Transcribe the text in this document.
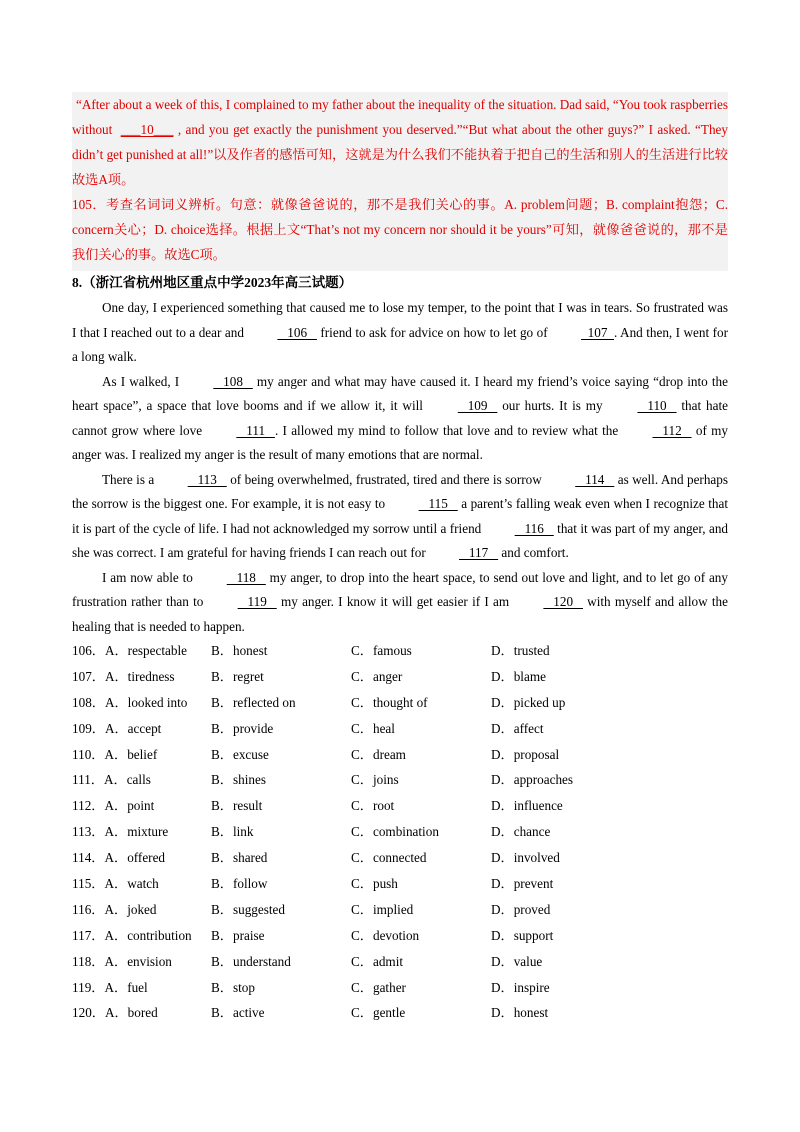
“After about a week of this, I complained to my father about the inequality of the situation. Dad said, “You took raspberries without ___10___ , and you get exactly the punishment you deserved.”“But what about the other guys?” I asked. “They didn’t get punished at all!”以及作者的感悟可知，这就是为什么我们不能执着于把自己的生活和别人的生活进行比较故选A项。

105．考查名词词义辨析。句意：就像爸爸说的，那不是我们关心的事。A. problem问题；B. complaint抱怨；C. concern关心；D. choice选择。根据上文“That’s not my concern nor should it be yours”可知，就像爸爸说的，那不是我们关心的事。故选C项。

8.（浙江省杭州地区重点中学2023年高三试题）

One day, I experienced something that caused me to lose my temper, to the point that I was in tears. So frustrated was I that I reached out to a dear and    106    friend to ask for advice on how to let go of   107  . And then, I went for a long walk.

As I walked, I    108    my anger and what may have caused it. I heard my friend’s voice saying “drop into the heart space”, a space that love booms and if we allow it, it will    109    our hurts. It is my    110    that hate cannot grow where love    111   . I allowed my mind to follow that love and to review what the    112    of my anger was. I realized my anger is the result of many emotions that are normal.

There is a    113    of being overwhelmed, frustrated, tired and there is sorrow    114    as well. And perhaps the sorrow is the biggest one. For example, it is not easy to    115    a parent’s falling weak even when I recognize that it is part of the cycle of life. I had not acknowledged my sorrow until a friend    116    that it was part of my anger, and she was correct. I am grateful for having friends I can reach out for    117    and comfort.

I am now able to    118    my anger, to drop into the heart space, to send out love and light, and to let go of any frustration rather than to    119    my anger. I know it will get easier if I am    120    with myself and allow the healing that is needed to happen.

106．A．respectable B．honest	C．famous	D．trusted
107．A．tiredness	B．regret	C．anger	D．blame
108．A．looked into B．reflected on	C．thought of	D．picked up
109．A．accept	B．provide	C．heal	D．affect
110．A．belief	B．excuse	C．dream	D．proposal
111．A．calls	B．shines	C．joins	D．approaches
112．A．point	B．result	C．root	D．influence
113．A．mixture	B．link	C．combination	D．chance
114．A．offered	B．shared	C．connected	D．involved
115．A．watch	B．follow	C．push	D．prevent
116．A．joked	B．suggested	C．implied	D．proved
117．A．contribution B．praise	C．devotion	D．support
118．A．envision	B．understand	C．admit	D．value
119．A．fuel	B．stop	C．gather	D．inspire
120．A．bored	B．active	C．gentle	D．honest
